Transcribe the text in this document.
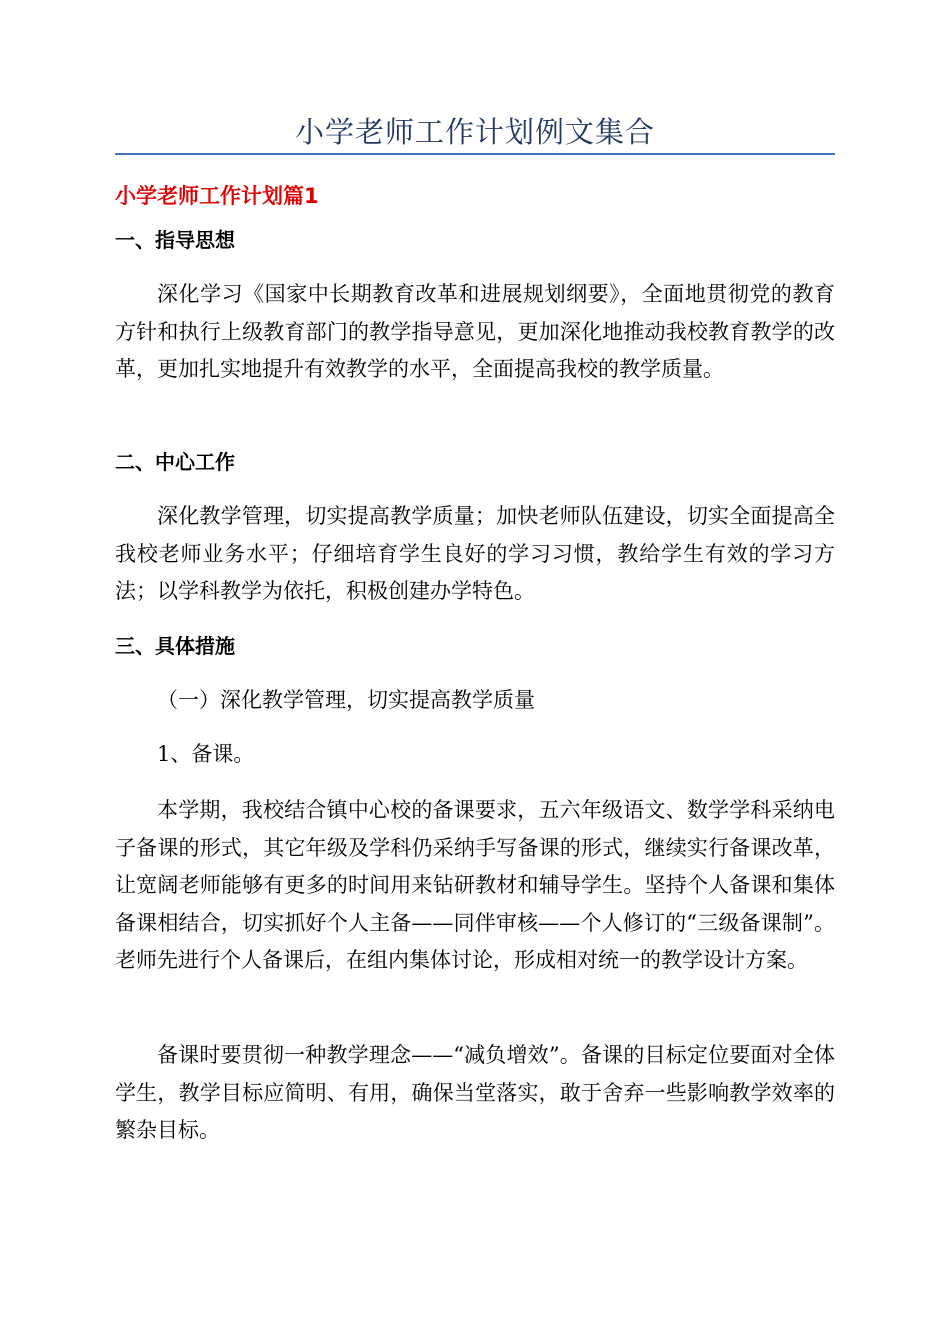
小学老师工作计划例文集合
小学老师工作计划篇1
一、指导思想

深化学习《国家中长期教育改革和进展规划纲要》，全面地贯彻党的教育方针和执行上级教育部门的教学指导意见，更加深化地推动我校教育教学的改革，更加扎实地提升有效教学的水平，全面提高我校的教学质量。

二、中心工作

深化教学管理，切实提高教学质量；加快老师队伍建设，切实全面提高全我校老师业务水平；仔细培育学生良好的学习习惯，教给学生有效的学习方法；以学科教学为依托，积极创建办学特色。

三、具体措施
（一）深化教学管理，切实提高教学质量
1、备课。

本学期，我校结合镇中心校的备课要求，五六年级语文、数学学科采纳电子备课的形式，其它年级及学科仍采纳手写备课的形式，继续实行备课改革，让宽阔老师能够有更多的时间用来钻研教材和辅导学生。坚持个人备课和集体备课相结合，切实抓好个人主备——同伴审核——个人修订的“三级备课制”。老师先进行个人备课后，在组内集体讨论，形成相对统一的教学设计方案。

备课时要贯彻一种教学理念——“减负增效”。备课的目标定位要面对全体学生，教学目标应简明、有用，确保当堂落实，敢于舍弃一些影响教学效率的繁杂目标。
